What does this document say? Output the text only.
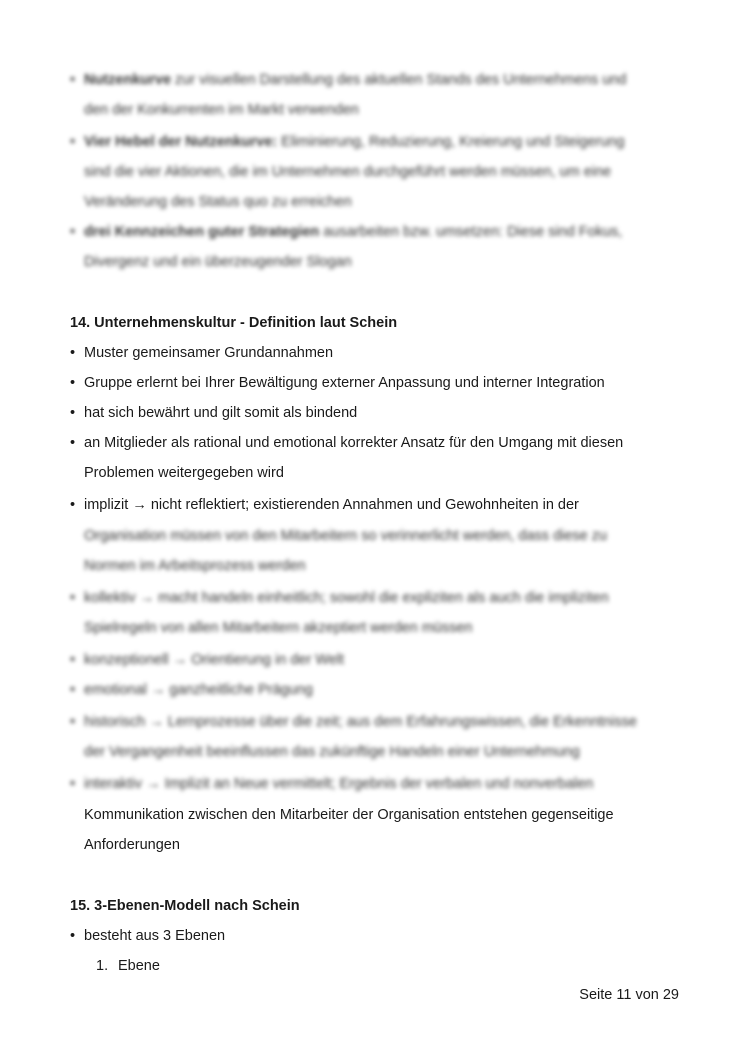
• Nutzenkurve zur visuellen Darstellung des aktuellen Stands des Unternehmens und
den der Konkurrenten im Markt verwenden
• Vier Hebel der Nutzenkurve: Eliminierung, Reduzierung, Kreierung und Steigerung
sind die vier Aktionen, die im Unternehmen durchgeführt werden müssen, um eine
Veränderung des Status quo zu erreichen
• drei Kennzeichen guter Strategien ausarbeiten bzw. umsetzen: Diese sind Fokus,
Divergenz und ein überzeugender Slogan
14. Unternehmenskultur - Definition laut Schein
• Muster gemeinsamer Grundannahmen
• Gruppe erlernt bei Ihrer Bewältigung externer Anpassung und interner Integration
• hat sich bewährt und gilt somit als bindend
• an Mitglieder als rational und emotional korrekter Ansatz für den Umgang mit diesen
Problemen weitergegeben wird
• implizit → nicht reflektiert; existierenden Annahmen und Gewohnheiten in der
Organisation müssen von den Mitarbeitern so verinnerlicht werden, dass diese zu
Normen im Arbeitsprozess werden
• kollektiv → macht handeln einheitlich; sowohl die expliziten als auch die impliziten
Spielregeln von allen Mitarbeitern akzeptiert werden müssen
• konzeptionell → Orientierung in der Welt
• emotional → ganzheitliche Prägung
• historisch → Lernprozesse über die zeit; aus dem Erfahrungswissen, die Erkenntnisse
der Vergangenheit beeinflussen das zukünftige Handeln einer Unternehmung
• interaktiv → Implizit an Neue vermittelt; Ergebnis der verbalen und nonverbalen
Kommunikation zwischen den Mitarbeiter der Organisation entstehen gegenseitige
Anforderungen
15. 3-Ebenen-Modell nach Schein
• besteht aus 3 Ebenen
1. Ebene
Seite 11 von 29
